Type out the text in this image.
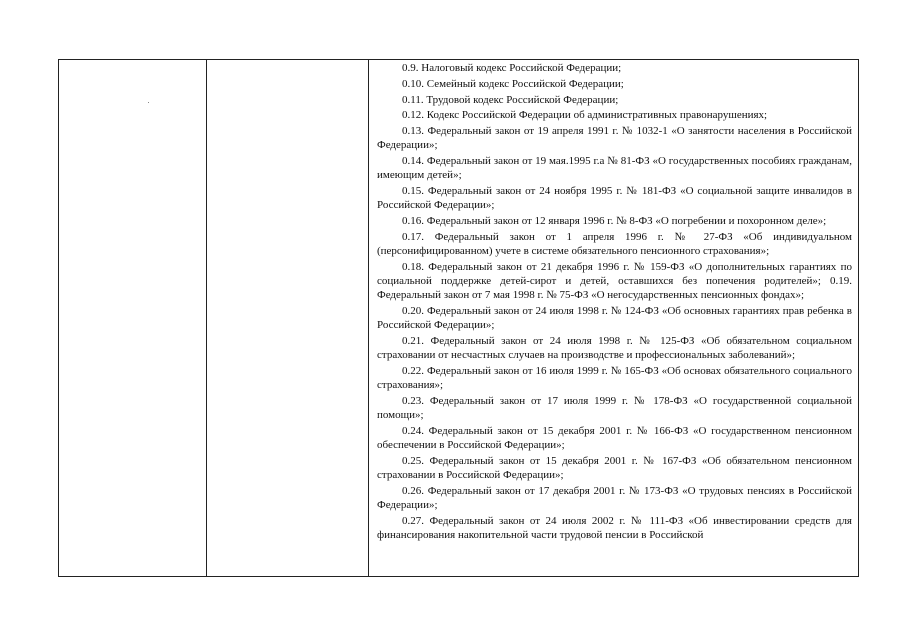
0.9. Налоговый кодекс Российской Федерации;

0.10. Семейный кодекс Российской Федерации;

0.11. Трудовой кодекс Российской Федерации;

0.12. Кодекс Российской Федерации об административных правонарушениях;

0.13. Федеральный закон от 19 апреля 1991 г. № 1032-1 «О занятости населения в Российской Федерации»;

0.14. Федеральный закон от 19 мая.1995 г.а № 81-ФЗ «О государственных пособиях гражданам, имеющим детей»;

0.15. Федеральный закон от 24 ноября 1995 г. № 181-ФЗ «О социальной защите инвалидов в Российской Федерации»;

0.16. Федеральный закон от 12 января 1996 г. № 8-ФЗ «О погребении и похоронном деле»;

0.17. Федеральный закон от 1 апреля 1996 г. № 27-ФЗ «Об индивидуальном (персонифицированном) учете в системе обязательного пенсионного страхования»;

0.18. Федеральный закон от 21 декабря 1996 г. № 159-ФЗ «О дополнительных гарантиях по социальной поддержке детей-сирот и детей, оставшихся без попечения родителей»; 0.19. Федеральный закон от 7 мая 1998 г. № 75-ФЗ «О негосударственных пенсионных фондах»;

0.20. Федеральный закон от 24 июля 1998 г. № 124-ФЗ «Об основных гарантиях прав ребенка в Российской Федерации»;

0.21. Федеральный закон от 24 июля 1998 г. № 125-ФЗ «Об обязательном социальном страховании от несчастных случаев на производстве и профессиональных заболеваний»;

0.22. Федеральный закон от 16 июля 1999 г. № 165-ФЗ «Об основах обязательного социального страхования»;

0.23. Федеральный закон от 17 июля 1999 г. № 178-ФЗ «О государственной социальной помощи»;

0.24. Федеральный закон от 15 декабря 2001 г. № 166-ФЗ «О государственном пенсионном обеспечении в Российской Федерации»;

0.25. Федеральный закон от 15 декабря 2001 г. № 167-ФЗ «Об обязательном пенсионном страховании в Российской Федерации»;

0.26. Федеральный закон от 17 декабря 2001 г. № 173-ФЗ «О трудовых пенсиях в Российской Федерации»;

0.27. Федеральный закон от 24 июля 2002 г. № 111-ФЗ «Об инвестировании средств для финансирования накопительной части трудовой пенсии в Российской
